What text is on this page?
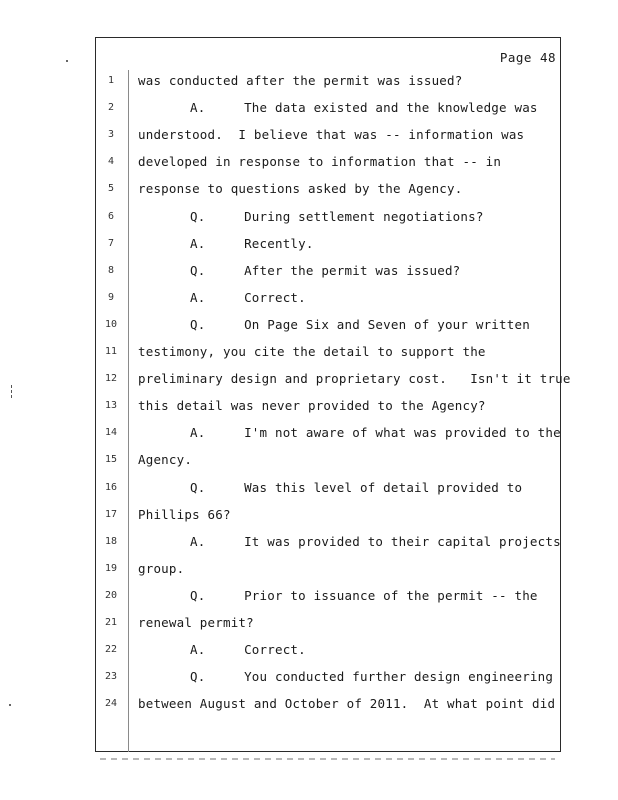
Page 48
1	was conducted after the permit was issued?
2	A.     The data existed and the knowledge was
3	understood.  I believe that was -- information was
4	developed in response to information that -- in
5	response to questions asked by the Agency.
6	Q.     During settlement negotiations?
7	A.     Recently.
8	Q.     After the permit was issued?
9	A.     Correct.
10	Q.     On Page Six and Seven of your written
11	testimony, you cite the detail to support the
12	preliminary design and proprietary cost.   Isn't it true
13	this detail was never provided to the Agency?
14	A.     I'm not aware of what was provided to the
15	Agency.
16	Q.     Was this level of detail provided to
17	Phillips 66?
18	A.     It was provided to their capital projects
19	group.
20	Q.     Prior to issuance of the permit -- the
21	renewal permit?
22	A.     Correct.
23	Q.     You conducted further design engineering
24	between August and October of 2011.  At what point did
